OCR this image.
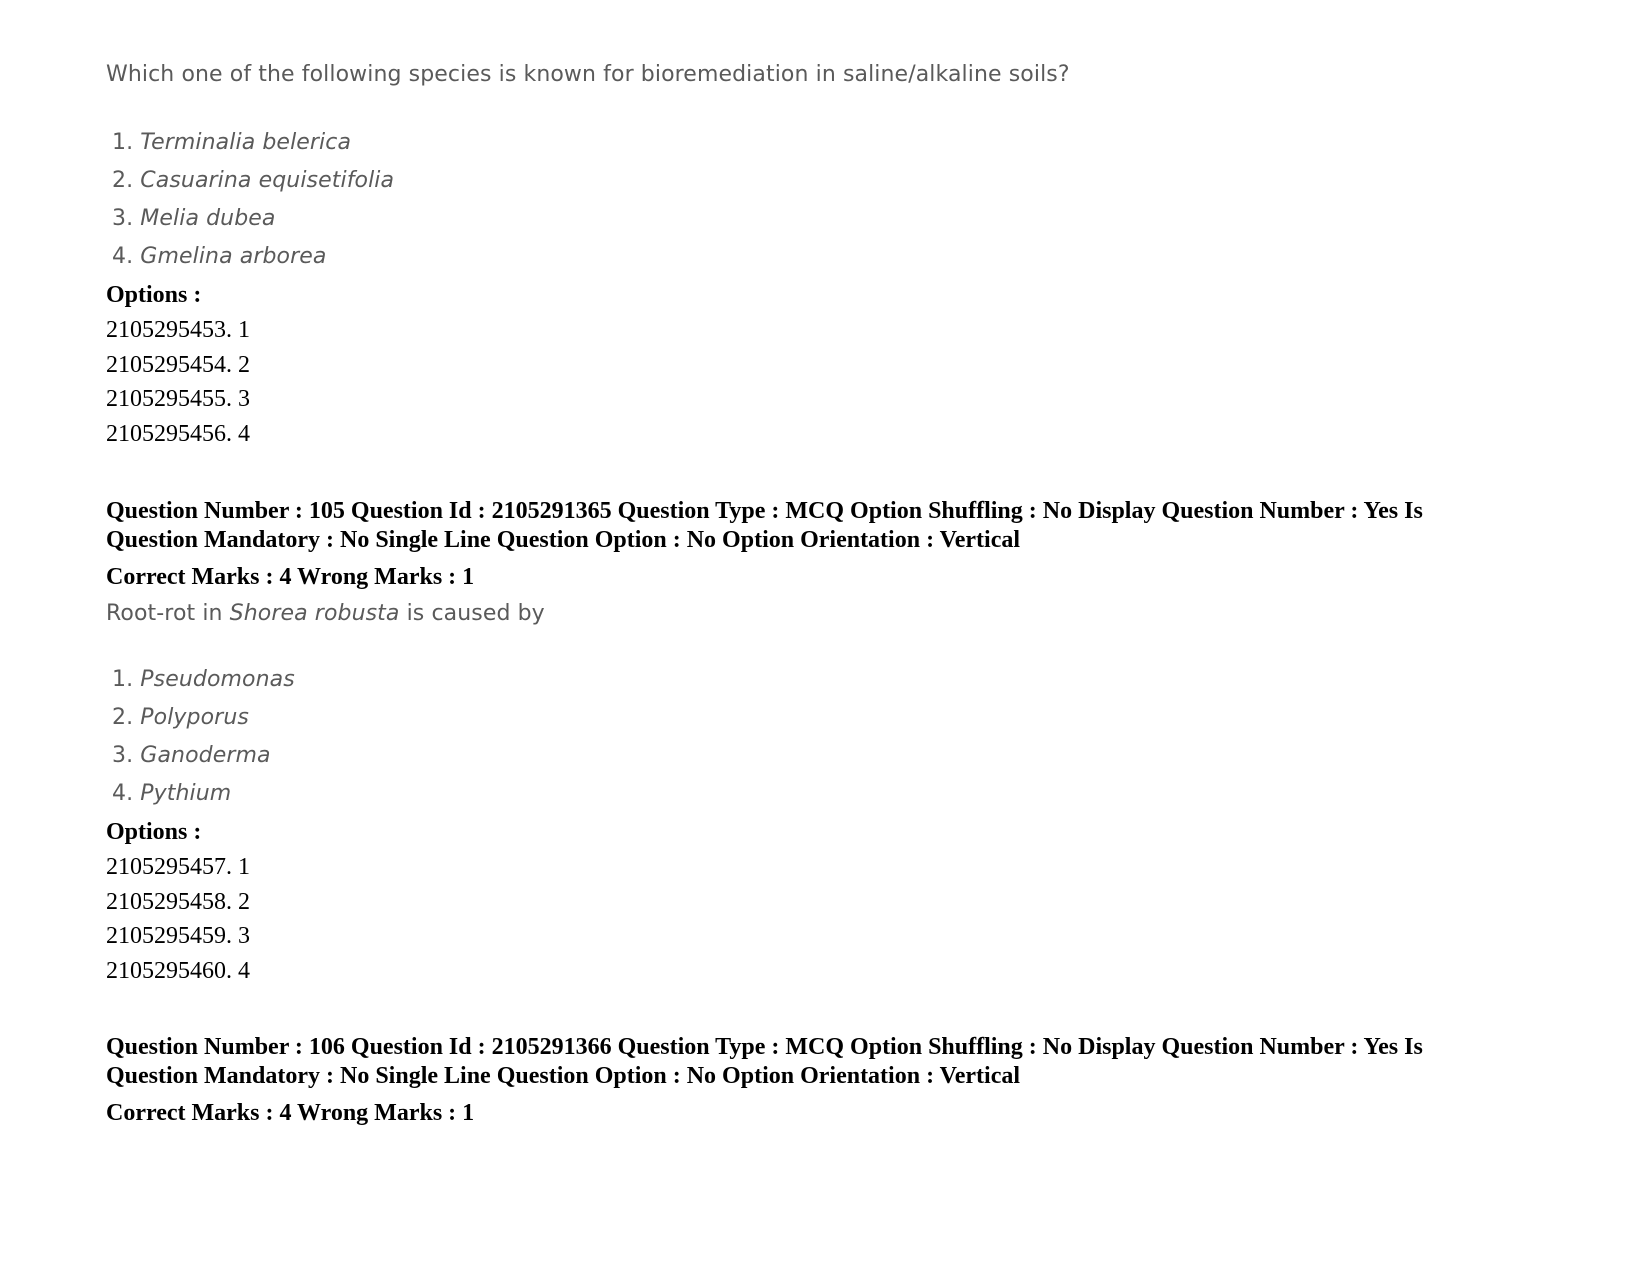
Which one of the following species is known for bioremediation in saline/alkaline soils?
1. Terminalia belerica
2. Casuarina equisetifolia
3. Melia dubea
4. Gmelina arborea
Options :
2105295453. 1
2105295454. 2
2105295455. 3
2105295456. 4
Question Number : 105 Question Id : 2105291365 Question Type : MCQ Option Shuffling : No Display Question Number : Yes Is
Question Mandatory : No Single Line Question Option : No Option Orientation : Vertical
Correct Marks : 4 Wrong Marks : 1
Root-rot in Shorea robusta is caused by
1. Pseudomonas
2. Polyporus
3. Ganoderma
4. Pythium
Options :
2105295457. 1
2105295458. 2
2105295459. 3
2105295460. 4
Question Number : 106 Question Id : 2105291366 Question Type : MCQ Option Shuffling : No Display Question Number : Yes Is
Question Mandatory : No Single Line Question Option : No Option Orientation : Vertical
Correct Marks : 4 Wrong Marks : 1
